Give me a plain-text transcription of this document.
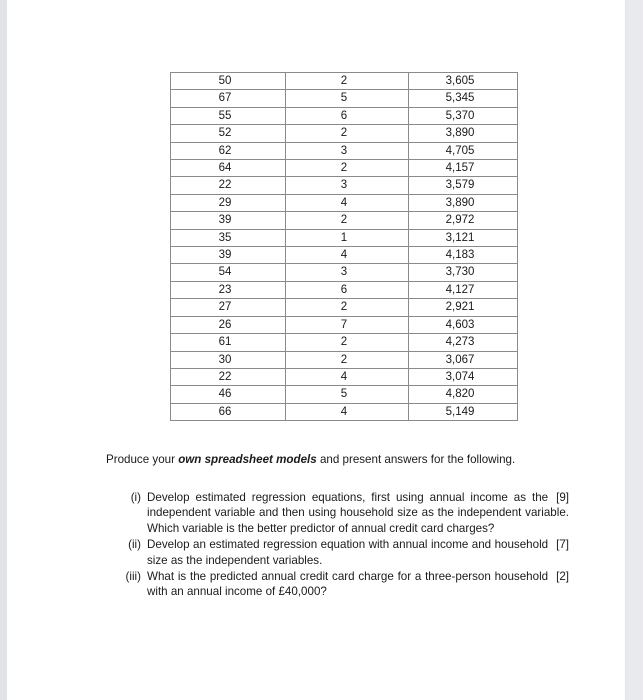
50	2	3,605
67	5	5,345
55	6	5,370
52	2	3,890
62	3	4,705
64	2	4,157
22	3	3,579
29	4	3,890
39	2	2,972
35	1	3,121
39	4	4,183
54	3	3,730
23	6	4,127
27	2	2,921
26	7	4,603
61	2	4,273
30	2	3,067
22	4	3,074
46	5	4,820
66	4	5,149
Produce your own spreadsheet models and present answers for the following.
(i)	[9]
Develop estimated regression equations, first using annual income as the independent variable and then using household size as the independent variable. Which variable is the better predictor of annual credit card charges?
(ii)	[7]
Develop an estimated regression equation with annual income and household size as the independent variables.
(iii)	[2]
What is the predicted annual credit card charge for a three-person household with an annual income of £40,000?
